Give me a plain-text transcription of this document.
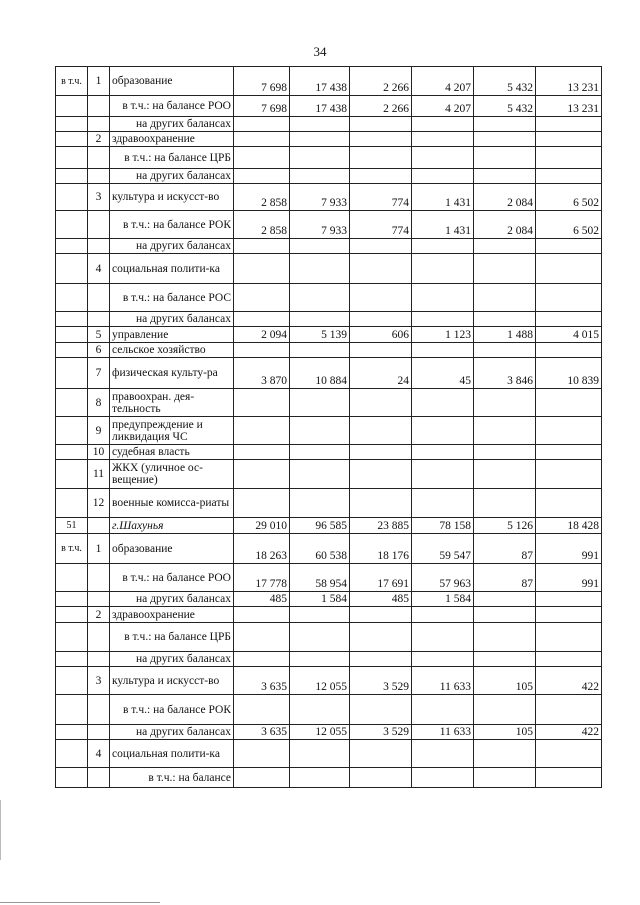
34
в т.ч.	1	образование	7 698	17 438	2 266	4 207	5 432	13 231
		в т.ч.: на балансе РОО	7 698	17 438	2 266	4 207	5 432	13 231
		на других балансах						
	2	здравоохранение						
		в т.ч.: на балансе ЦРБ						
		на других балансах						
	3	культура и искусст-во	2 858	7 933	774	1 431	2 084	6 502
		в т.ч.: на балансе РОК	2 858	7 933	774	1 431	2 084	6 502
		на других балансах						
	4	социальная полити-ка						
		в т.ч.: на балансе РОС						
		на других балансах						
	5	управление	2 094	5 139	606	1 123	1 488	4 015
	6	сельское хозяйство						
	7	физическая культу-ра	3 870	10 884	24	45	3 846	10 839
	8	правоохран. дея-тельность						
	9	предупреждение и ликвидация ЧС						
	10	судебная власть						
	11	ЖКХ (уличное ос-вещение)						
	12	военные комисса-риаты						
51		г.Шахунья	29 010	96 585	23 885	78 158	5 126	18 428
в т.ч.	1	образование	18 263	60 538	18 176	59 547	87	991
		в т.ч.: на балансе РОО	17 778	58 954	17 691	57 963	87	991
		на других балансах	485	1 584	485	1 584		
	2	здравоохранение						
		в т.ч.: на балансе ЦРБ						
		на других балансах						
	3	культура и искусст-во	3 635	12 055	3 529	11 633	105	422
		в т.ч.: на балансе РОК						
		на других балансах	3 635	12 055	3 529	11 633	105	422
	4	социальная полити-ка						
		в т.ч.: на балансе						
